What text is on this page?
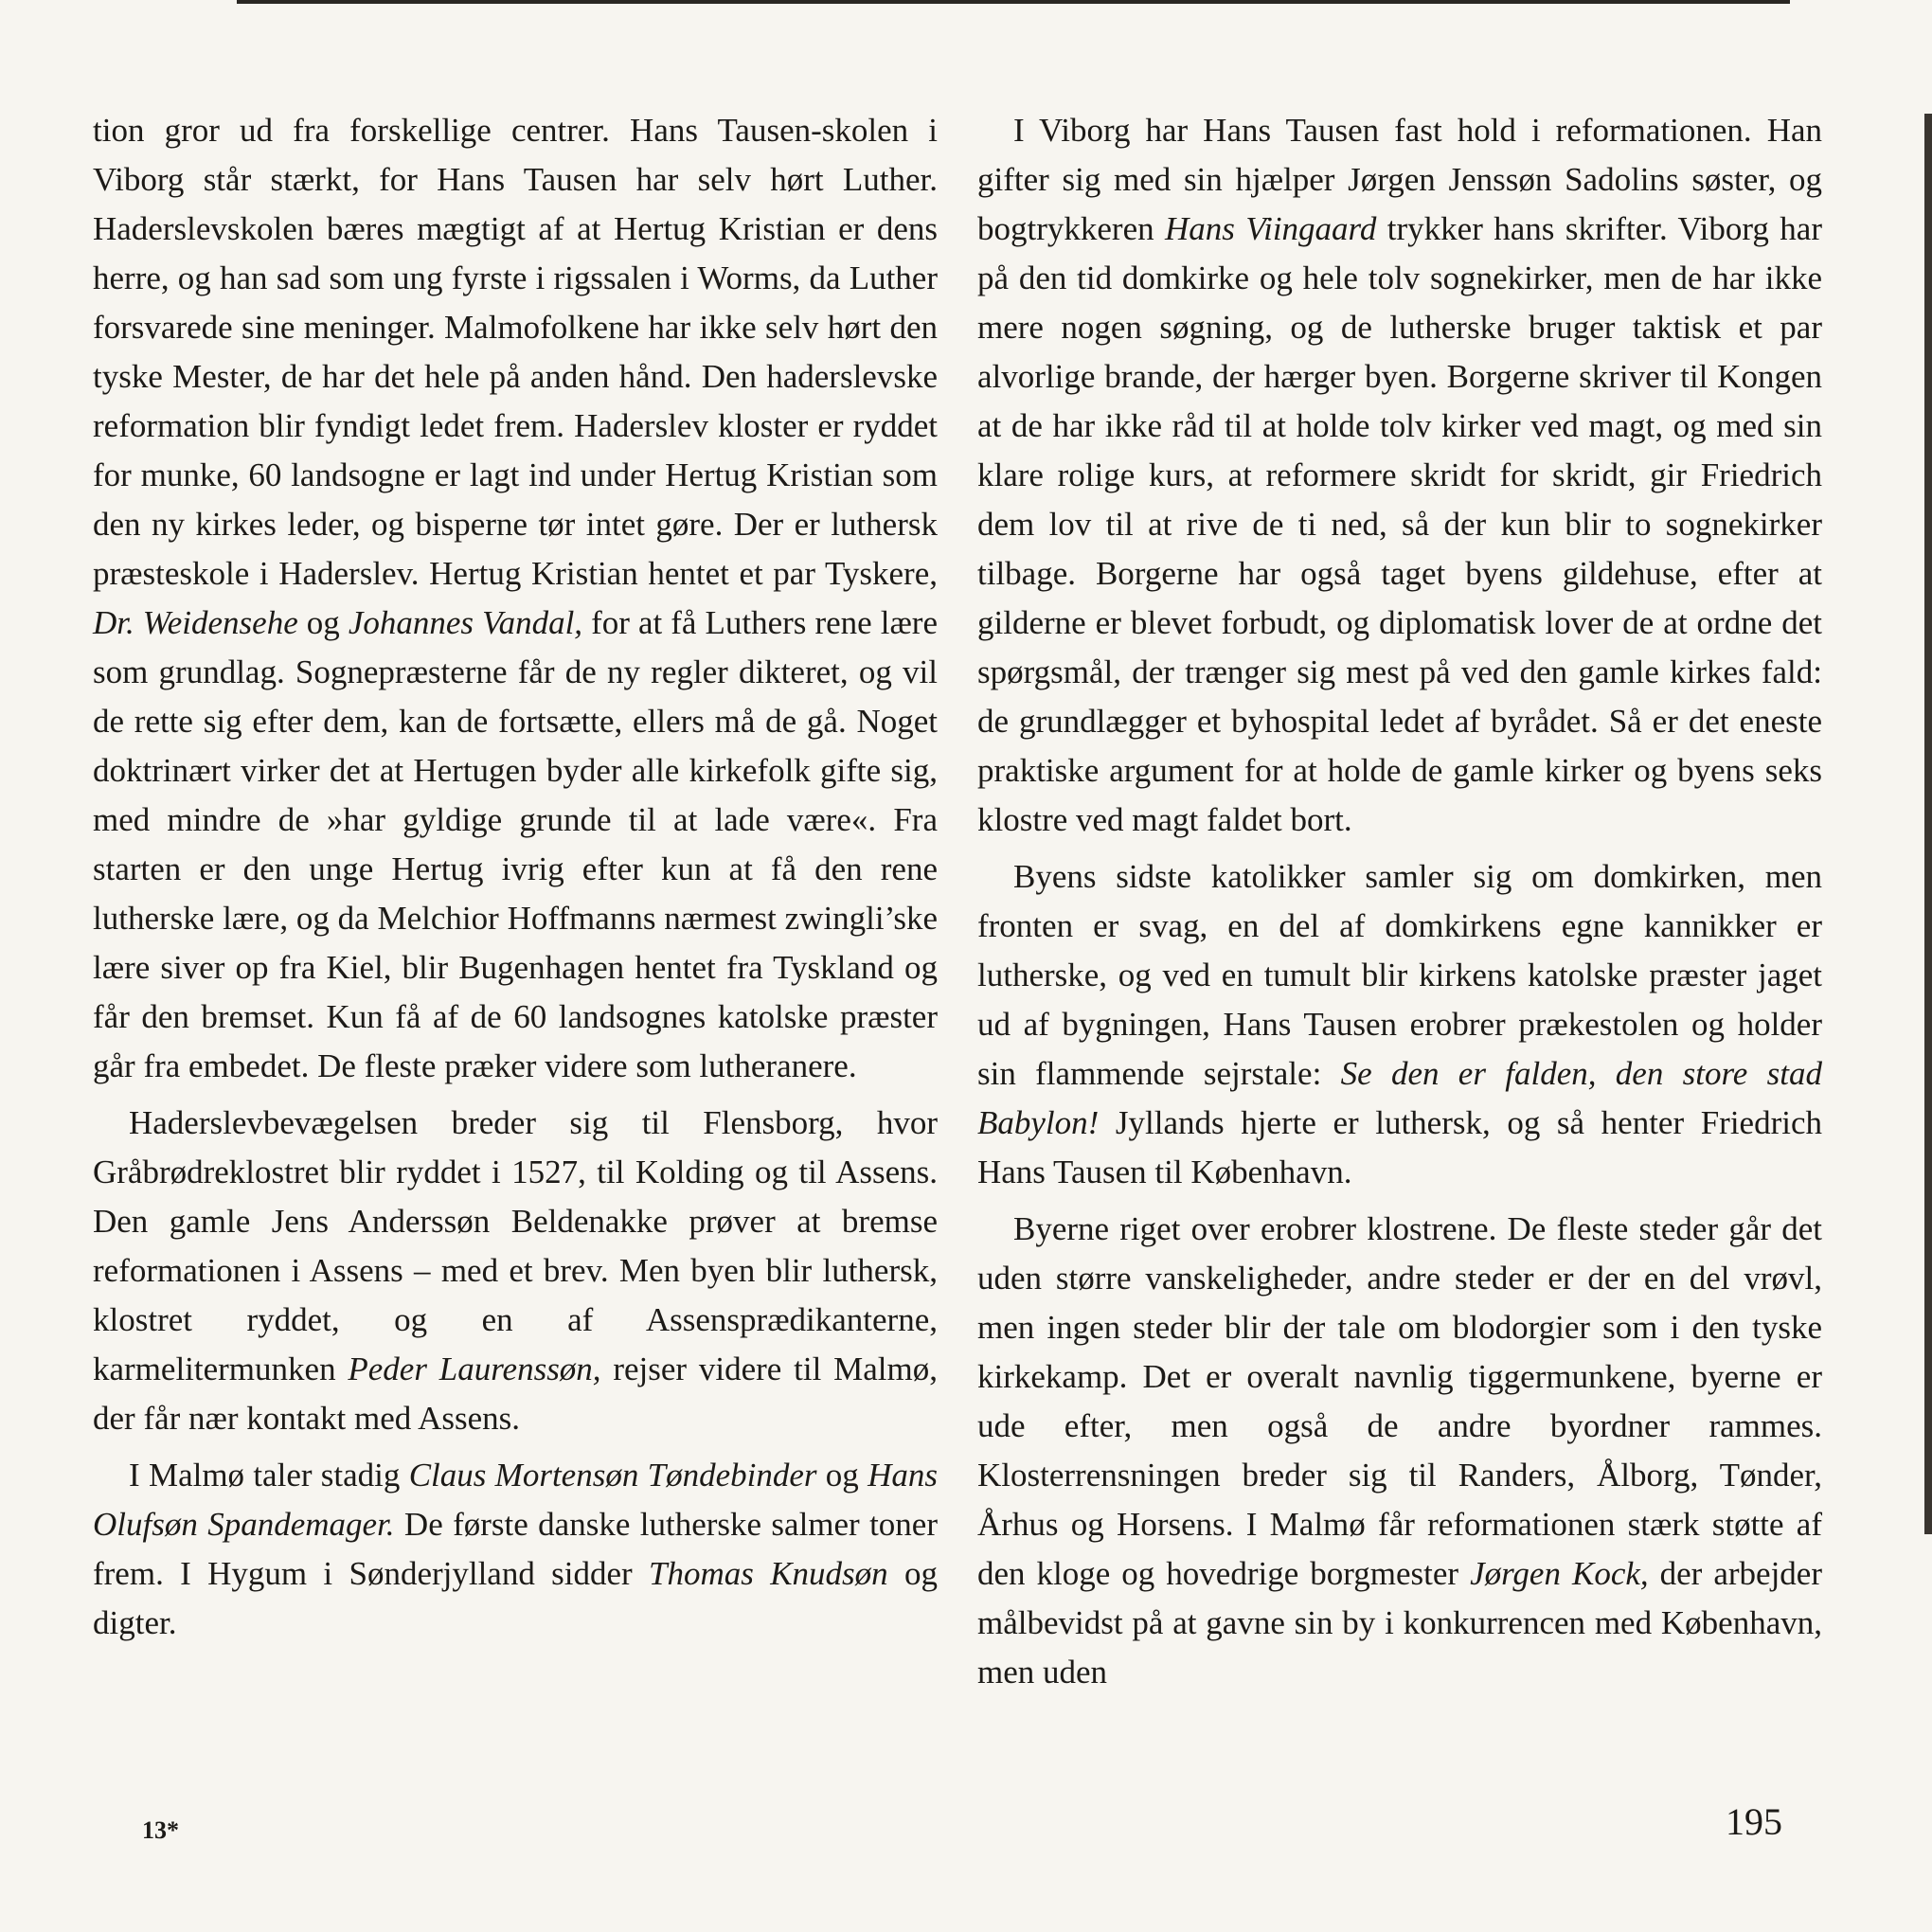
tion gror ud fra forskellige centrer. Hans Tausen-skolen i Viborg står stærkt, for Hans Tausen har selv hørt Luther. Haderslevskolen bæres mægtigt af at Hertug Kristian er dens herre, og han sad som ung fyrste i rigssalen i Worms, da Luther forsvarede sine meninger. Malmofolkene har ikke selv hørt den tyske Mester, de har det hele på anden hånd. Den haderslevske reformation blir fyndigt ledet frem. Haderslev kloster er ryddet for munke, 60 landsogne er lagt ind under Hertug Kristian som den ny kirkes leder, og bisperne tør intet gøre. Der er luthersk præsteskole i Haderslev. Hertug Kristian hentet et par Tyskere, Dr. Weidensehe og Johannes Vandal, for at få Luthers rene lære som grundlag. Sognepræsterne får de ny regler dikteret, og vil de rette sig efter dem, kan de fortsætte, ellers må de gå. Noget doktrinært virker det at Hertugen byder alle kirkefolk gifte sig, med mindre de »har gyldige grunde til at lade være«. Fra starten er den unge Hertug ivrig efter kun at få den rene lutherske lære, og da Melchior Hoffmanns nærmest zwingli’ske lære siver op fra Kiel, blir Bugenhagen hentet fra Tyskland og får den bremset. Kun få af de 60 landsognes katolske præster går fra embedet. De fleste præker videre som lutheranere.

Haderslevbevægelsen breder sig til Flensborg, hvor Gråbrødreklostret blir ryddet i 1527, til Kolding og til Assens. Den gamle Jens Anderssøn Beldenakke prøver at bremse reformationen i Assens – med et brev. Men byen blir luthersk, klostret ryddet, og en af Assensprædikanterne, karmelitermunken Peder Laurenssøn, rejser videre til Malmø, der får nær kontakt med Assens.

I Malmø taler stadig Claus Mortensøn Tøndebinder og Hans Olufsøn Spandemager. De første danske lutherske salmer toner frem. I Hygum i Sønderjylland sidder Thomas Knudsøn og digter.

I Viborg har Hans Tausen fast hold i reformationen. Han gifter sig med sin hjælper Jørgen Jenssøn Sadolins søster, og bogtrykkeren Hans Viingaard trykker hans skrifter. Viborg har på den tid domkirke og hele tolv sognekirker, men de har ikke mere nogen søgning, og de lutherske bruger taktisk et par alvorlige brande, der hærger byen. Borgerne skriver til Kongen at de har ikke råd til at holde tolv kirker ved magt, og med sin klare rolige kurs, at reformere skridt for skridt, gir Friedrich dem lov til at rive de ti ned, så der kun blir to sognekirker tilbage. Borgerne har også taget byens gildehuse, efter at gilderne er blevet forbudt, og diplomatisk lover de at ordne det spørgsmål, der trænger sig mest på ved den gamle kirkes fald: de grundlægger et byhospital ledet af byrådet. Så er det eneste praktiske argument for at holde de gamle kirker og byens seks klostre ved magt faldet bort.

Byens sidste katolikker samler sig om domkirken, men fronten er svag, en del af domkirkens egne kannikker er lutherske, og ved en tumult blir kirkens katolske præster jaget ud af bygningen, Hans Tausen erobrer prækestolen og holder sin flammende sejrstale: Se den er falden, den store stad Babylon! Jyllands hjerte er luthersk, og så henter Friedrich Hans Tausen til København.

Byerne riget over erobrer klostrene. De fleste steder går det uden større vanskeligheder, andre steder er der en del vrøvl, men ingen steder blir der tale om blodorgier som i den tyske kirkekamp. Det er overalt navnlig tiggermunkene, byerne er ude efter, men også de andre byordner rammes. Klosterrensningen breder sig til Randers, Ålborg, Tønder, Århus og Horsens. I Malmø får reformationen stærk støtte af den kloge og hovedrige borgmester Jørgen Kock, der arbejder målbevidst på at gavne sin by i konkurrencen med København, men uden

13*	195
